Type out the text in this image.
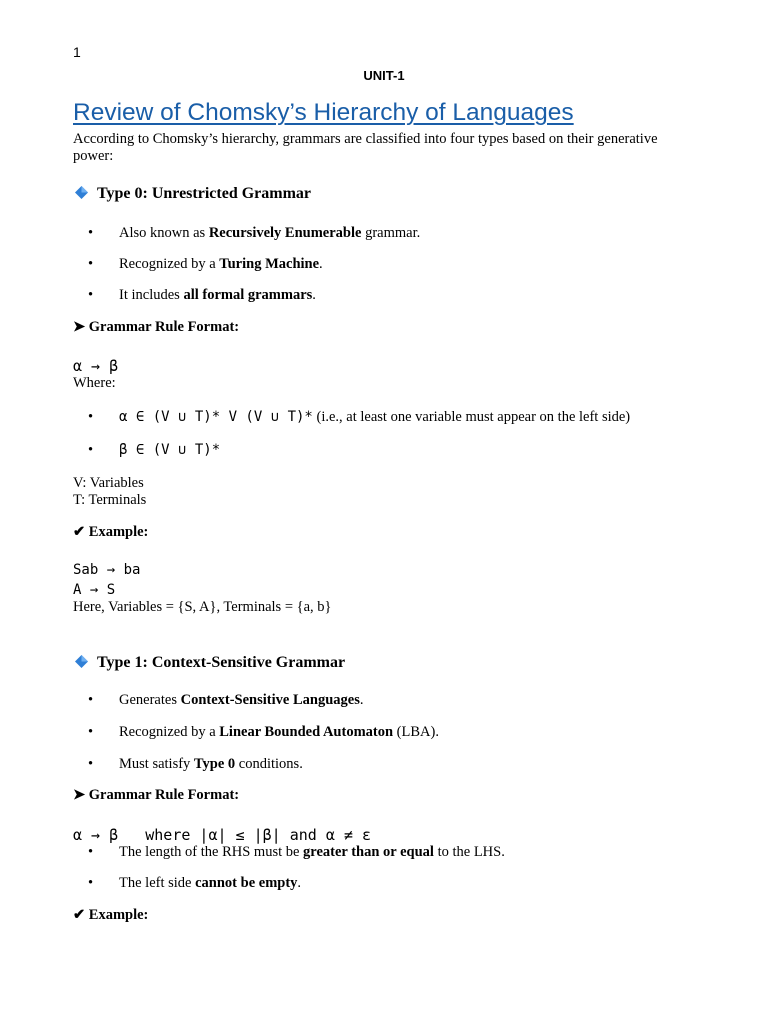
1
UNIT-1
Review of Chomsky’s Hierarchy of Languages
According to Chomsky’s hierarchy, grammars are classified into four types based on their generative power:
Type 0: Unrestricted Grammar
• Also known as Recursively Enumerable grammar.
• Recognized by a Turing Machine.
• It includes all formal grammars.
➤ Grammar Rule Format:
α → β
Where:
• α ∈ (V ∪ T)* V (V ∪ T)* (i.e., at least one variable must appear on the left side)
• β ∈ (V ∪ T)*
V: Variables
T: Terminals
✔ Example:
Sab → ba
A → S
Here, Variables = {S, A}, Terminals = {a, b}
Type 1: Context-Sensitive Grammar
• Generates Context-Sensitive Languages.
• Recognized by a Linear Bounded Automaton (LBA).
• Must satisfy Type 0 conditions.
➤ Grammar Rule Format:
α → β   where |α| ≤ |β| and α ≠ ε
• The length of the RHS must be greater than or equal to the LHS.
• The left side cannot be empty.
✔ Example:
